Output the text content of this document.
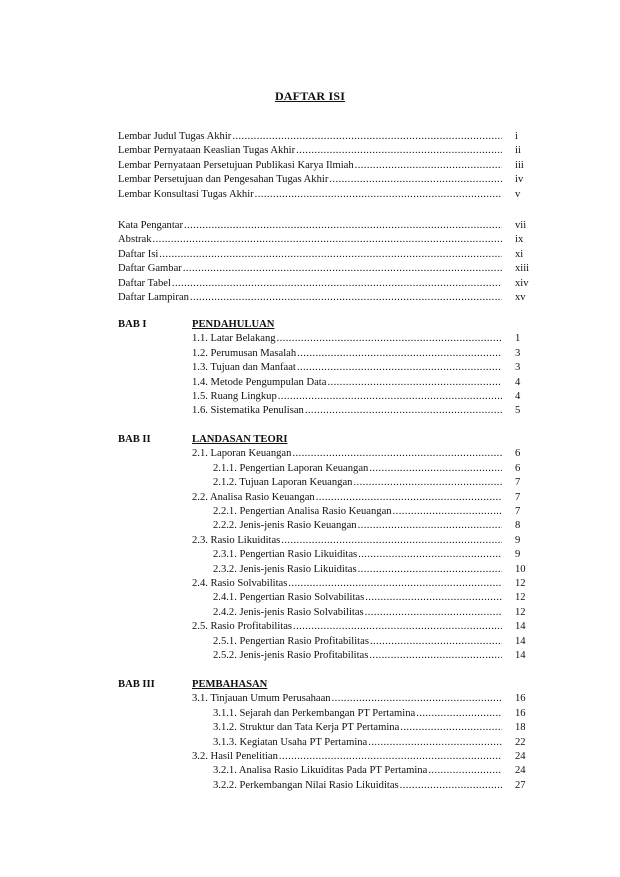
DAFTAR ISI
Lembar Judul Tugas Akhir .....	i
Lembar Pernyataan Keaslian Tugas Akhir .....	ii
Lembar Pernyataan Persetujuan Publikasi Karya Ilmiah .....	iii
Lembar Persetujuan dan Pengesahan Tugas Akhir .....	iv
Lembar Konsultasi Tugas Akhir .....	v
Kata Pengantar .....	vii
Abstrak .....	ix
Daftar Isi .....	xi
Daftar Gambar .....	xiii
Daftar Tabel .....	xiv
Daftar Lampiran .....	xv
BAB I	PENDAHULUAN
1.1. Latar Belakang .....	1
1.2. Perumusan Masalah .....	3
1.3. Tujuan dan Manfaat .....	3
1.4. Metode Pengumpulan Data .....	4
1.5. Ruang Lingkup .....	4
1.6. Sistematika Penulisan .....	5
BAB II	LANDASAN TEORI
2.1. Laporan Keuangan .....	6
2.1.1. Pengertian Laporan Keuangan .....	6
2.1.2. Tujuan Laporan Keuangan .....	7
2.2. Analisa Rasio Keuangan .....	7
2.2.1. Pengertian Analisa Rasio Keuangan .....	7
2.2.2. Jenis-jenis Rasio Keuangan .....	8
2.3. Rasio Likuiditas .....	9
2.3.1. Pengertian Rasio Likuiditas .....	9
2.3.2. Jenis-jenis Rasio Likuiditas .....	10
2.4. Rasio Solvabilitas .....	12
2.4.1. Pengertian Rasio Solvabilitas .....	12
2.4.2. Jenis-jenis Rasio Solvabilitas .....	12
2.5. Rasio Profitabilitas .....	14
2.5.1. Pengertian Rasio Profitabilitas .....	14
2.5.2. Jenis-jenis Rasio Profitabilitas .....	14
BAB III	PEMBAHASAN
3.1. Tinjauan Umum Perusahaan .....	16
3.1.1. Sejarah dan Perkembangan PT Pertamina .....	16
3.1.2. Struktur dan Tata Kerja PT Pertamina .....	18
3.1.3. Kegiatan Usaha PT Pertamina .....	22
3.2. Hasil Penelitian .....	24
3.2.1. Analisa Rasio Likuiditas Pada PT Pertamina .....	24
3.2.2. Perkembangan Nilai Rasio Likuiditas .....	27
